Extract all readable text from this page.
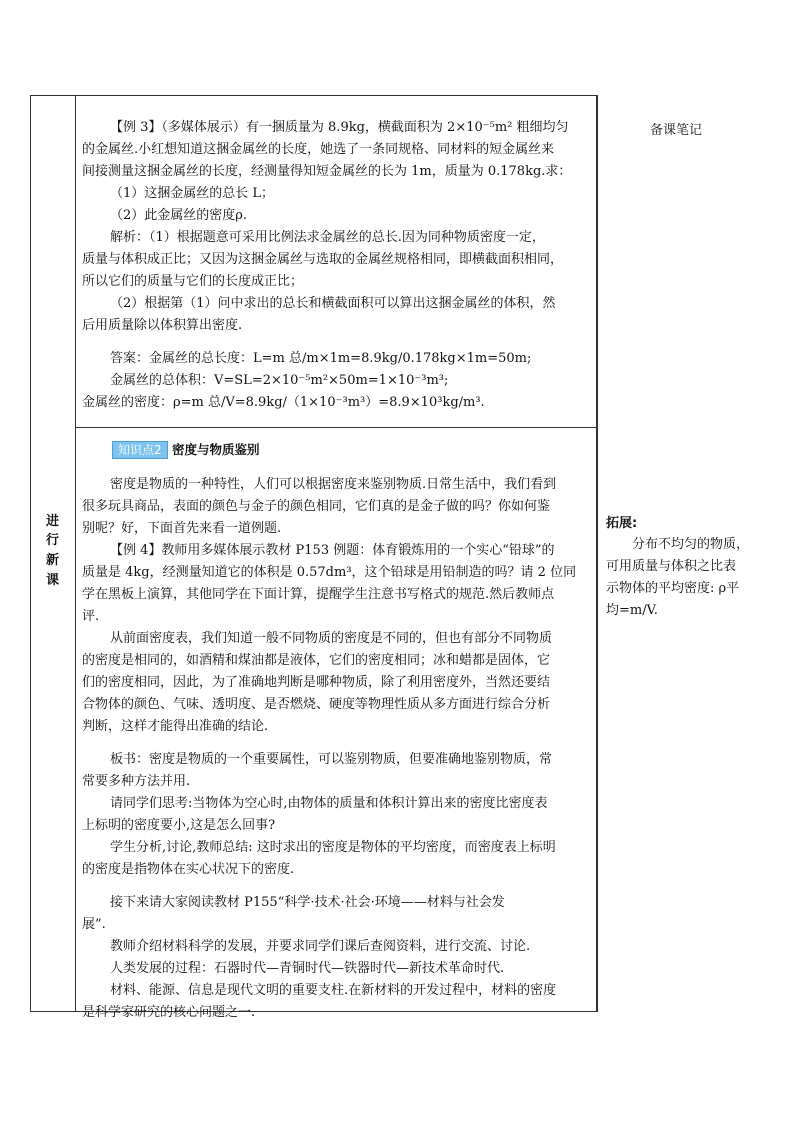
进
行
新
课
备课笔记
【例 3】（多媒体展示）有一捆质量为 8.9kg，横截面积为 2×10⁻⁵m² 粗细均匀
的金属丝.小红想知道这捆金属丝的长度，她选了一条同规格、同材料的短金属丝来
间接测量这捆金属丝的长度，经测量得知短金属丝的长为 1m，质量为 0.178kg.求：
（1）这捆金属丝的总长 L；
（2）此金属丝的密度ρ.
解析：（1）根据题意可采用比例法求金属丝的总长.因为同种物质密度一定，
质量与体积成正比；又因为这捆金属丝与选取的金属丝规格相同，即横截面积相同，
所以它们的质量与它们的长度成正比；
（2）根据第（1）问中求出的总长和横截面积可以算出这捆金属丝的体积，然
后用质量除以体积算出密度.
答案：金属丝的总长度：L=m 总/m×1m=8.9kg/0.178kg×1m=50m;
金属丝的总体积：V=SL=2×10⁻⁵m²×50m=1×10⁻³m³;
金属丝的密度：ρ=m 总/V=8.9kg/（1×10⁻³m³）=8.9×10³kg/m³.
知识点2 密度与物质鉴别
密度是物质的一种特性，人们可以根据密度来鉴别物质.日常生活中，我们看到
很多玩具商品，表面的颜色与金子的颜色相同，它们真的是金子做的吗？你如何鉴
别呢？好，下面首先来看一道例题.
【例 4】教师用多媒体展示教材 P153 例题：体育锻炼用的一个实心“铅球”的
质量是 4kg，经测量知道它的体积是 0.57dm³，这个铅球是用铅制造的吗？请 2 位同
学在黑板上演算，其他同学在下面计算，提醒学生注意书写格式的规范.然后教师点
评.
从前面密度表，我们知道一般不同物质的密度是不同的，但也有部分不同物质
的密度是相同的，如酒精和煤油都是液体，它们的密度相同；冰和蜡都是固体，它
们的密度相同，因此，为了准确地判断是哪种物质，除了利用密度外，当然还要结
合物体的颜色、气味、透明度、是否燃烧、硬度等物理性质从多方面进行综合分析
判断，这样才能得出准确的结论.
板书：密度是物质的一个重要属性，可以鉴别物质，但要准确地鉴别物质，常
常要多种方法并用.
请同学们思考:当物体为空心时,由物体的质量和体积计算出来的密度比密度表
上标明的密度要小,这是怎么回事?
学生分析,讨论,教师总结: 这时求出的密度是物体的平均密度，而密度表上标明
的密度是指物体在实心状况下的密度.
接下来请大家阅读教材 P155“科学·技术·社会·环境——材料与社会发
展”.
教师介绍材料科学的发展，并要求同学们课后查阅资料，进行交流、讨论.
人类发展的过程：石器时代—青铜时代—铁器时代—新技术革命时代.
材料、能源、信息是现代文明的重要支柱.在新材料的开发过程中，材料的密度
是科学家研究的核心问题之一.
拓展:
分布不均匀的物质，
可用质量与体积之比表
示物体的平均密度: ρ平
均=m/V.
